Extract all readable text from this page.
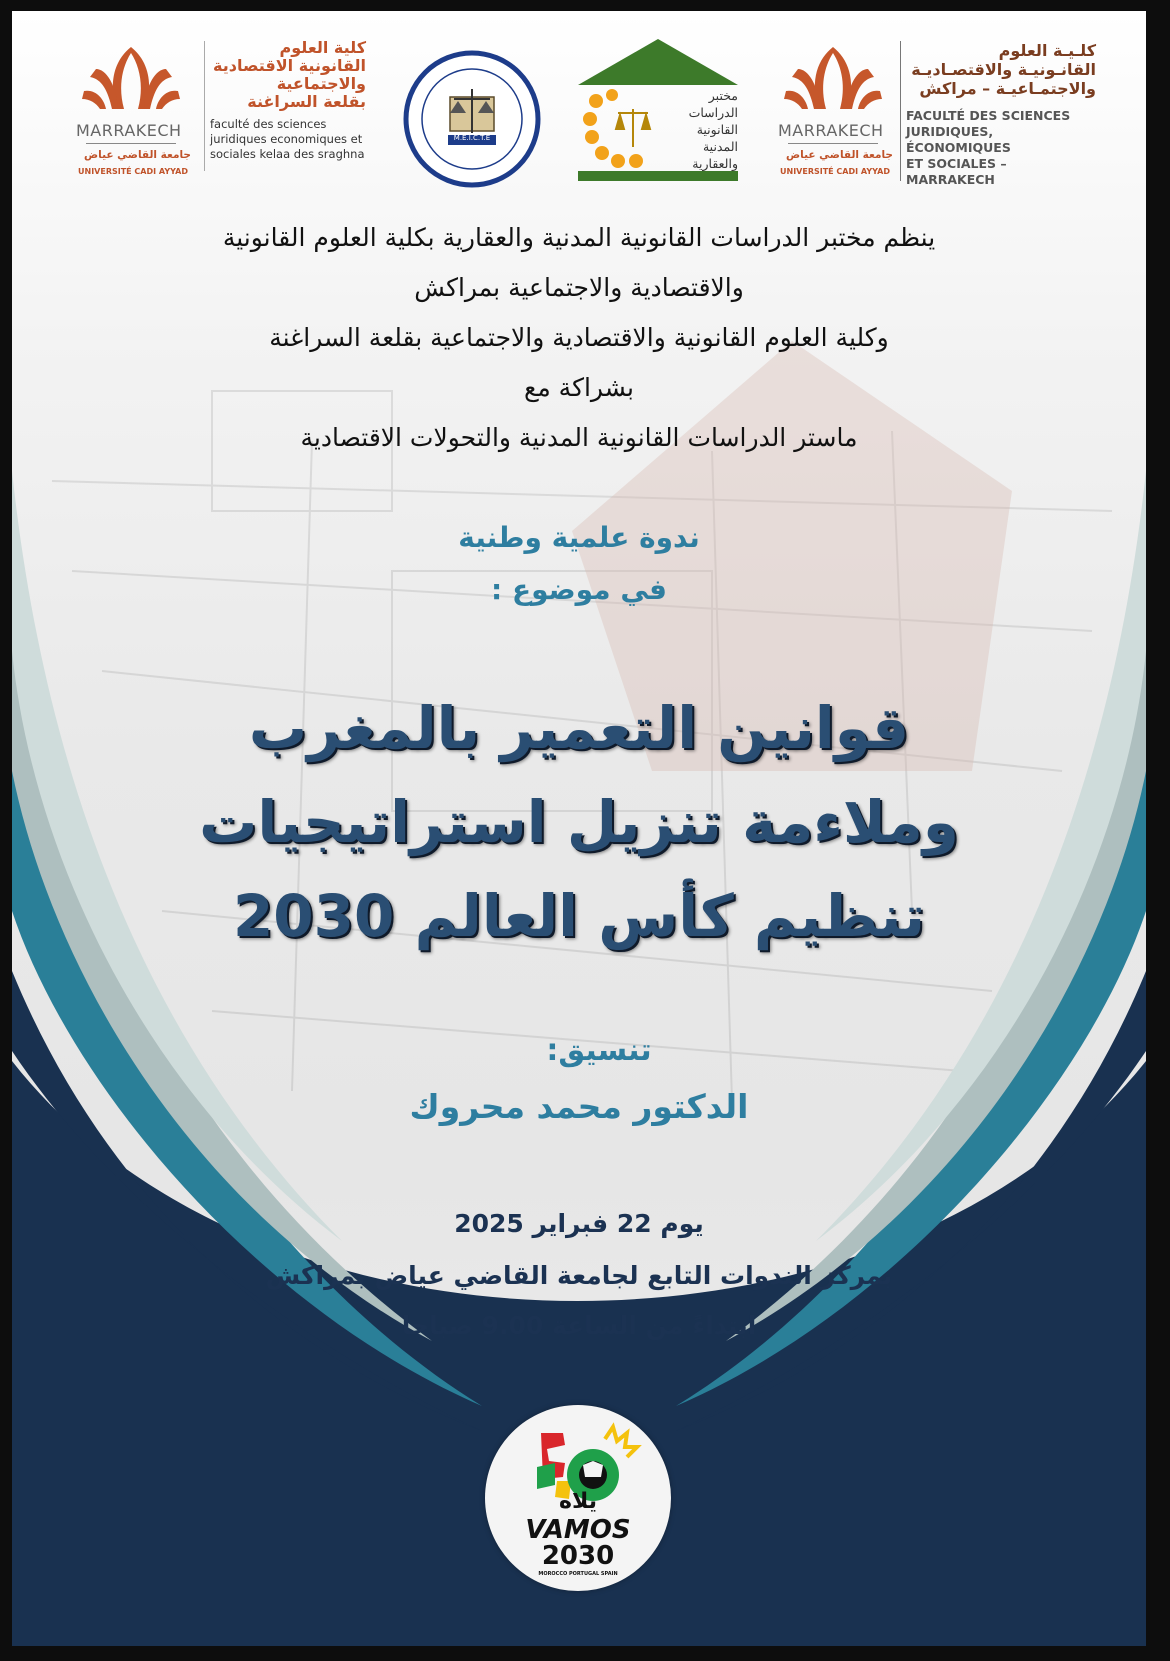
MARRAKECH
جامعة القاضي عياض
UNIVERSITÉ CADI AYYAD
كلية العلوم
القانونية الاقتصادية
والاجتماعية
بقلعة السراغنة
faculté des sciences
juridiques economiques et
sociales kelaa des sraghna
M.E.I.C.T.E
مختبر
الدراسات
القانونية
المدنية والعقارية
MARRAKECH
جامعة القاضي عياض
UNIVERSITÉ CADI AYYAD
كلـيـة العلوم
القانـونيـة والاقتصـاديـة
والاجتمـاعيـة – مراكش
FACULTÉ DES SCIENCES
JURIDIQUES, ÉCONOMIQUES
ET SOCIALES – MARRAKECH
ينظم مختبر الدراسات القانونية المدنية والعقارية بكلية العلوم القانونية
والاقتصادية والاجتماعية بمراكش
وكلية العلوم القانونية والاقتصادية والاجتماعية بقلعة السراغنة
بشراكة مع
ماستر الدراسات القانونية المدنية والتحولات الاقتصادية
ندوة علمية وطنية
في موضوع :
قوانين التعمير بالمغرب
وملاءمة تنزيل استراتيجيات
تنظيم كأس العالم 2030
تنسيق:
الدكتور محمد محروك
يوم 22 فبراير 2025
بمركز الندوات التابع لجامعة القاضي عياض بمراكش
ابتداءً من الساعة 9.00 صباحا
يلاه
VAMOS
2030
MOROCCO PORTUGAL SPAIN
